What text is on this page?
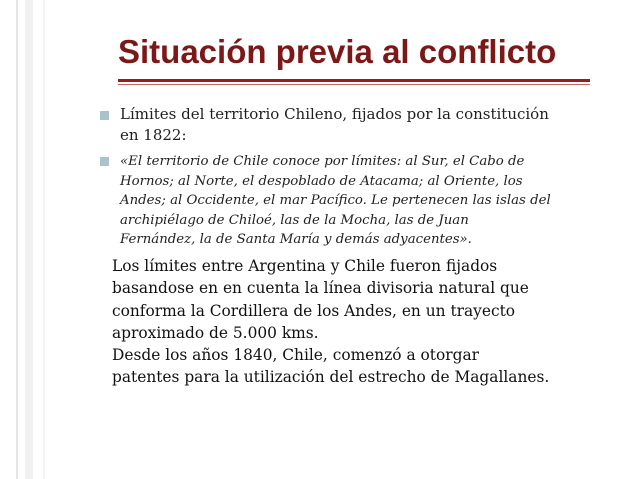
Situación previa al conflicto
Límites del territorio Chileno, fijados por la constitución
en 1822:
«El territorio de Chile conoce por límites: al Sur, el Cabo de
Hornos; al Norte, el despoblado de Atacama; al Oriente, los
Andes; al Occidente, el mar Pacífico. Le pertenecen las islas del
archipiélago de Chiloé, las de la Mocha, las de Juan
Fernández, la de Santa María y demás adyacentes».

Los límites entre Argentina y Chile fueron fijados
basandose en en cuenta la línea divisoria natural que
conforma la Cordillera de los Andes, en un trayecto
aproximado de 5.000 kms.

Desde los años 1840, Chile, comenzó a otorgar
patentes para la utilización del estrecho de Magallanes.
